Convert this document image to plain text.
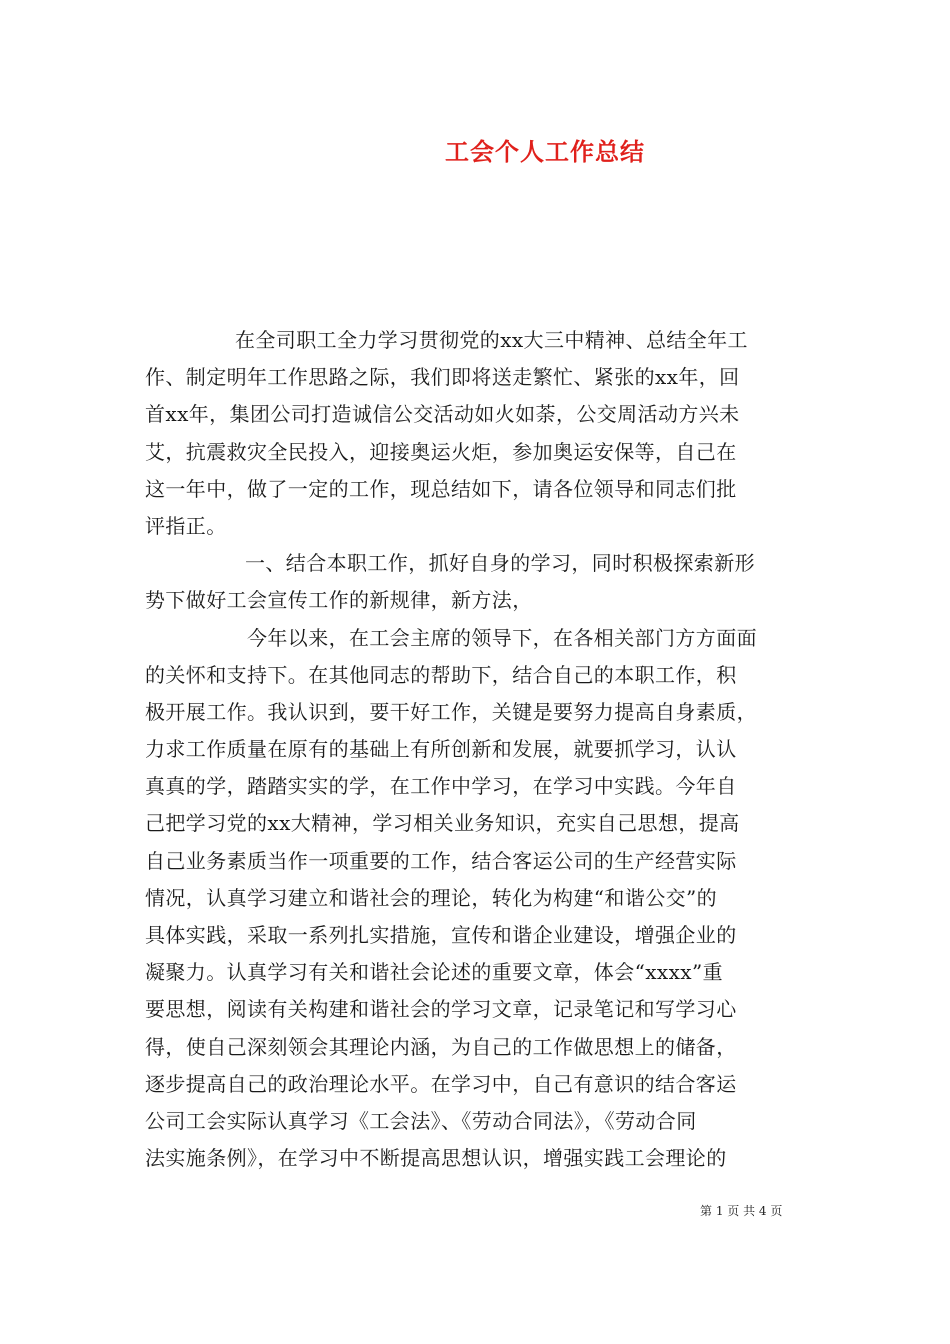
工会个人工作总结
在全司职工全力学习贯彻党的xx大三中精神、总结全年工
作、制定明年工作思路之际，我们即将送走繁忙、紧张的xx年，回
首xx年，集团公司打造诚信公交活动如火如荼，公交周活动方兴未
艾，抗震救灾全民投入，迎接奥运火炬，参加奥运安保等，自己在
这一年中，做了一定的工作，现总结如下，请各位领导和同志们批
评指正。
一、结合本职工作，抓好自身的学习，同时积极探索新形
势下做好工会宣传工作的新规律，新方法，
今年以来，在工会主席的领导下，在各相关部门方方面面
的关怀和支持下。在其他同志的帮助下，结合自己的本职工作，积
极开展工作。我认识到，要干好工作，关键是要努力提高自身素质，
力求工作质量在原有的基础上有所创新和发展，就要抓学习，认认
真真的学，踏踏实实的学，在工作中学习，在学习中实践。今年自
己把学习党的xx大精神，学习相关业务知识，充实自己思想，提高
自己业务素质当作一项重要的工作，结合客运公司的生产经营实际
情况，认真学习建立和谐社会的理论，转化为构建“和谐公交”的
具体实践，采取一系列扎实措施，宣传和谐企业建设，增强企业的
凝聚力。认真学习有关和谐社会论述的重要文章，体会“xxxx”重
要思想，阅读有关构建和谐社会的学习文章，记录笔记和写学习心
得，使自己深刻领会其理论内涵，为自己的工作做思想上的储备，
逐步提高自己的政治理论水平。在学习中，自己有意识的结合客运
公司工会实际认真学习《工会法》、《劳动合同法》，《劳动合同
法实施条例》，在学习中不断提高思想认识，增强实践工会理论的
第 1 页 共 4 页
